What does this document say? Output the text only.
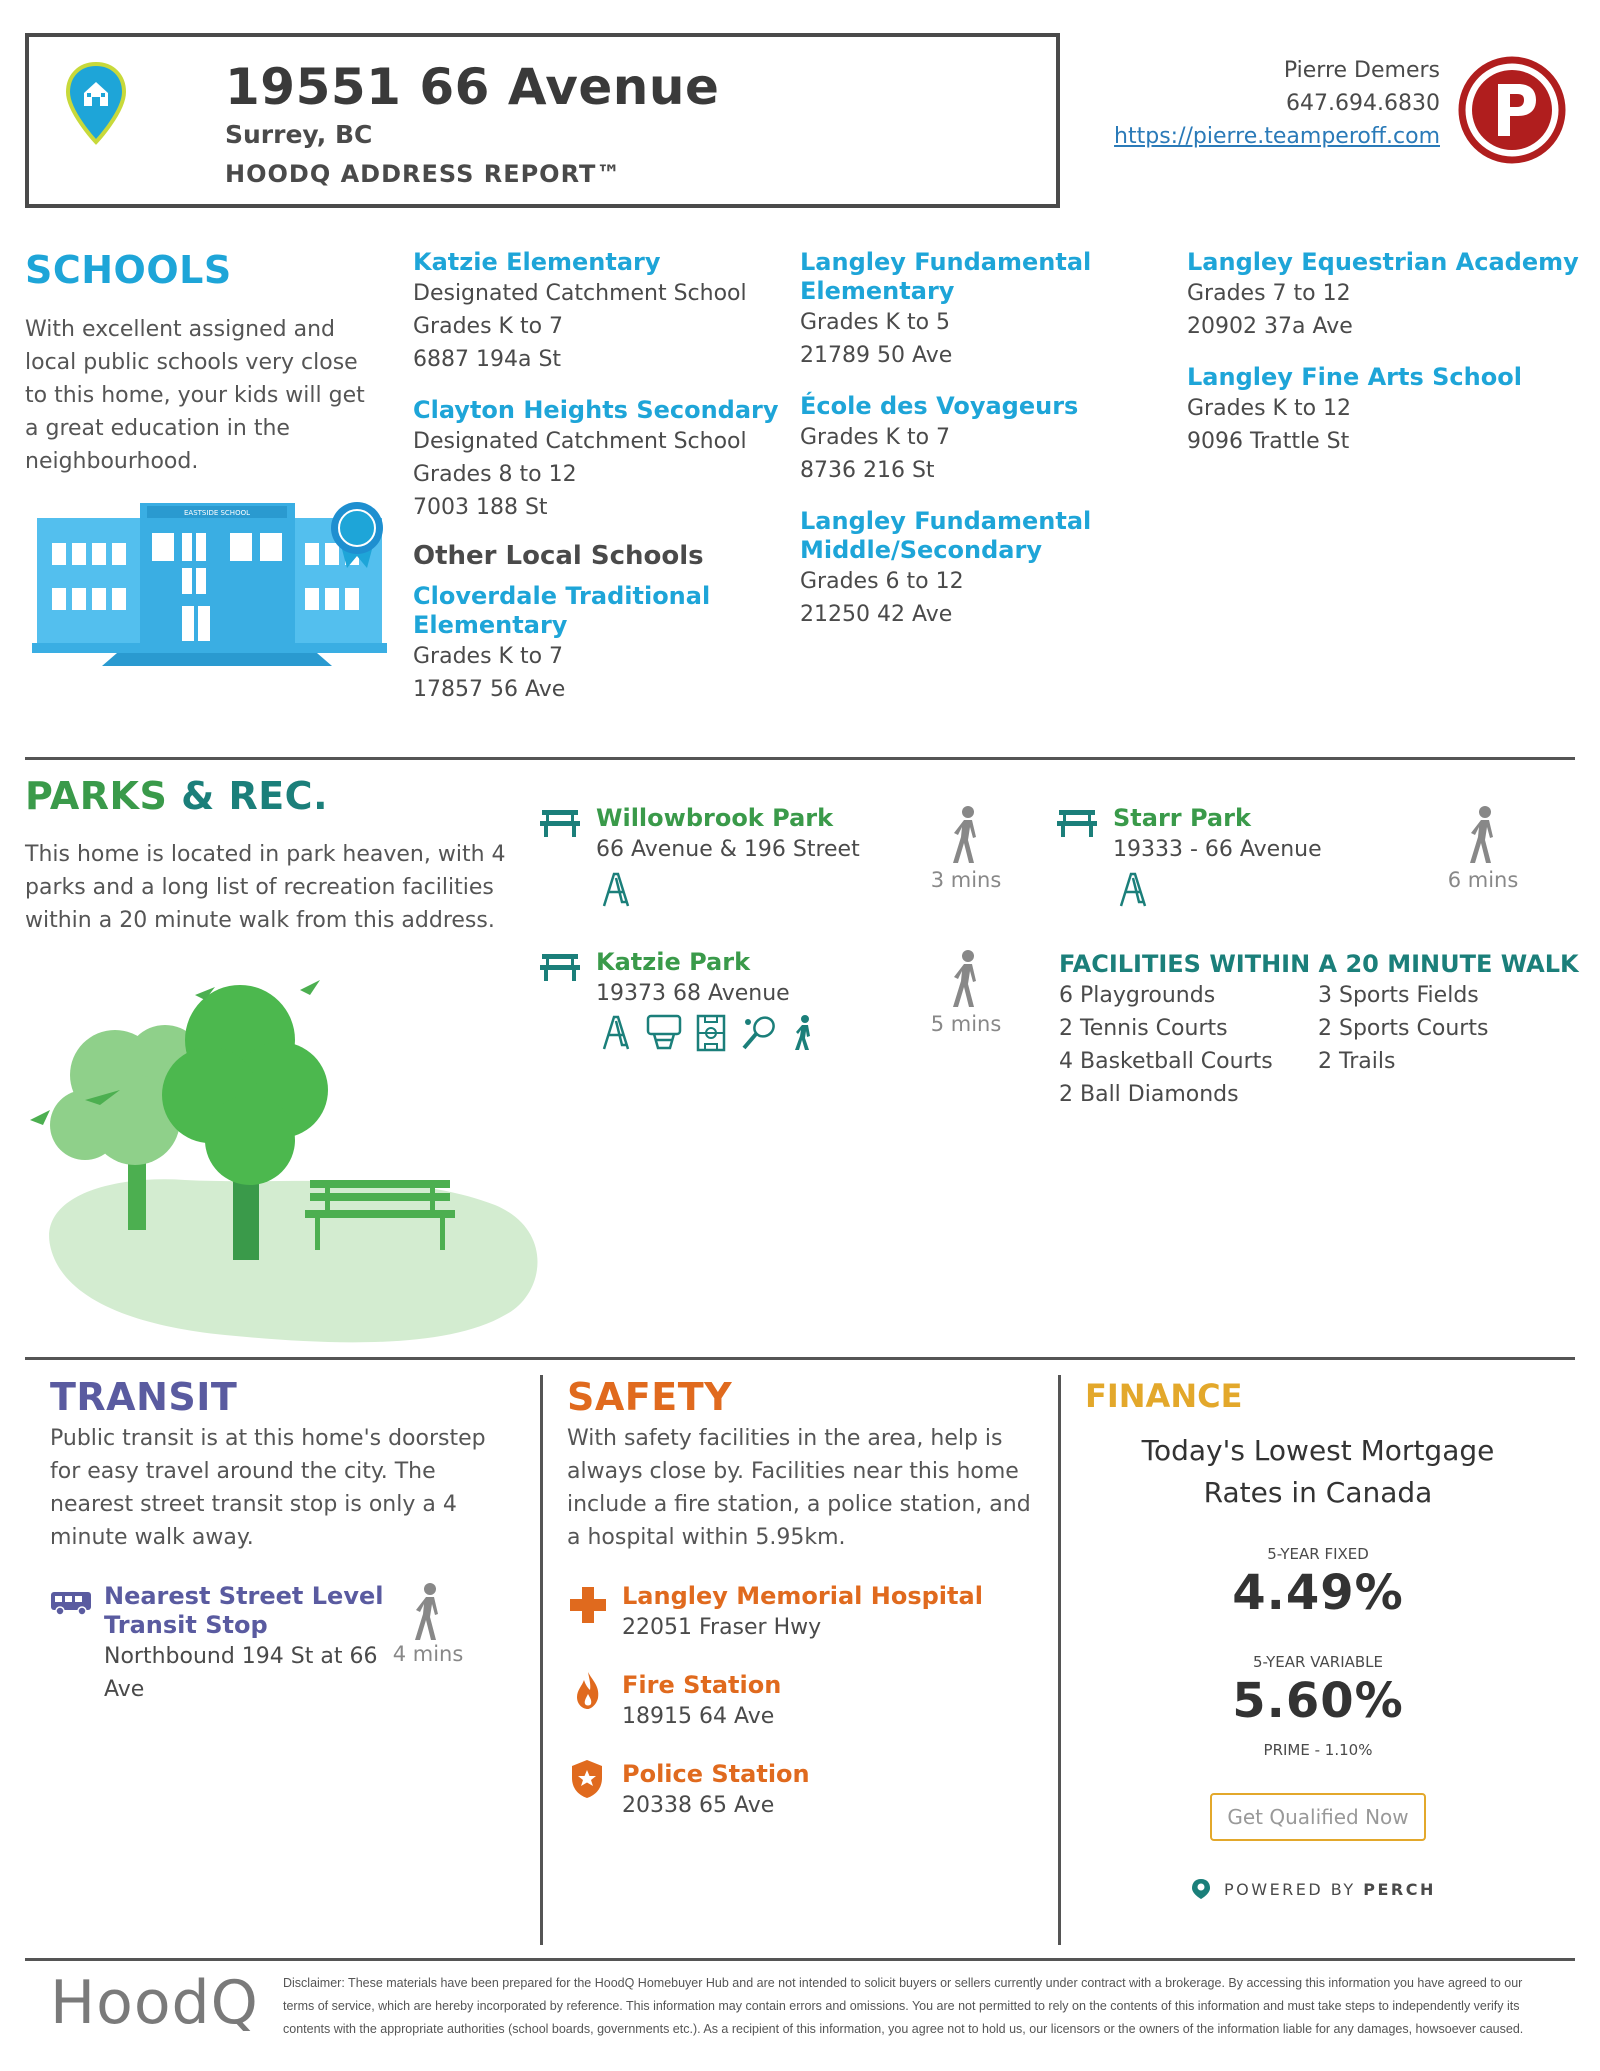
19551 66 Avenue
Surrey, BC
HOODQ ADDRESS REPORT™
Pierre Demers
647.694.6830
https://pierre.teamperoff.com
SCHOOLS
With excellent assigned and local public schools very close to this home, your kids will get a great education in the neighbourhood.
EASTSIDE SCHOOL
Katzie Elementary
Designated Catchment School
Grades K to 7
6887 194a St
Clayton Heights Secondary
Designated Catchment School
Grades 8 to 12
7003 188 St
Other Local Schools
Cloverdale Traditional
Elementary
Grades K to 7
17857 56 Ave
Langley Fundamental
Elementary
Grades K to 5
21789 50 Ave
École des Voyageurs
Grades K to 7
8736 216 St
Langley Fundamental
Middle/Secondary
Grades 6 to 12
21250 42 Ave
Langley Equestrian Academy
Grades 7 to 12
20902 37a Ave
Langley Fine Arts School
Grades K to 12
9096 Trattle St
PARKS & REC.
This home is located in park heaven, with 4 parks and a long list of recreation facilities within a 20 minute walk from this address.
Willowbrook Park
66 Avenue & 196 Street
3 mins
Starr Park
19333 - 66 Avenue
6 mins
Katzie Park
19373 68 Avenue
5 mins
FACILITIES WITHIN A 20 MINUTE WALK
6 Playgrounds
2 Tennis Courts
4 Basketball Courts
2 Ball Diamonds
3 Sports Fields
2 Sports Courts
2 Trails
TRANSIT
Public transit is at this home's doorstep for easy travel around the city. The nearest street transit stop is only a 4 minute walk away.
Nearest Street Level
Transit Stop
Northbound 194 St at 66
Ave
4 mins
SAFETY
With safety facilities in the area, help is always close by. Facilities near this home include a fire station, a police station, and a hospital within 5.95km.
Langley Memorial Hospital
22051 Fraser Hwy
Fire Station
18915 64 Ave
Police Station
20338 65 Ave
FINANCE
Today's Lowest Mortgage
Rates in Canada
5-YEAR FIXED
4.49%
5-YEAR VARIABLE
5.60%
PRIME - 1.10%
Get Qualified Now
POWERED BY PERCH
HoodQ Disclaimer: These materials have been prepared for the HoodQ Homebuyer Hub and are not intended to solicit buyers or sellers currently under contract with a brokerage. By accessing this information you have agreed to our
terms of service, which are hereby incorporated by reference. This information may contain errors and omissions. You are not permitted to rely on the contents of this information and must take steps to independently verify its
contents with the appropriate authorities (school boards, governments etc.). As a recipient of this information, you agree not to hold us, our licensors or the owners of the information liable for any damages, howsoever caused.
